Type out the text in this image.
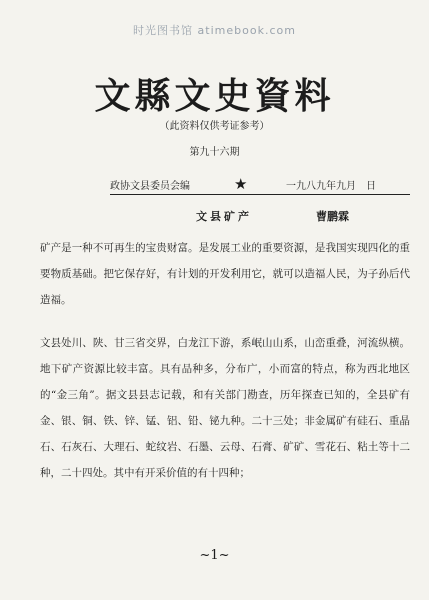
时光图书馆 atimebook.com
文縣文史資料
（此资料仅供考证参考）
第九十六期
政协文县委员会编	★	一九八九年九月　日
文县矿产	曹鹏霖

矿产是一种不可再生的宝贵财富。是发展工业的重要资源，是我国实现四化的重要物质基础。把它保存好，有计划的开发利用它，就可以造福人民，为子孙后代造福。

文县处川、陕、甘三省交界，白龙江下游，系岷山山系，山峦重叠，河流纵横。地下矿产资源比较丰富。具有品种多，分布广，小而富的特点，称为西北地区的“金三角”。据文县县志记载，和有关部门勘查，历年探查已知的，全县矿有金、银、铜、铁、锌、锰、铝、铅、铋九种。二十三处；非金属矿有硅石、重晶石、石灰石、大理石、蛇纹岩、石墨、云母、石膏、矿矿、雪花石、粘土等十二种，二十四处。其中有开采价值的有十四种；

~1~
